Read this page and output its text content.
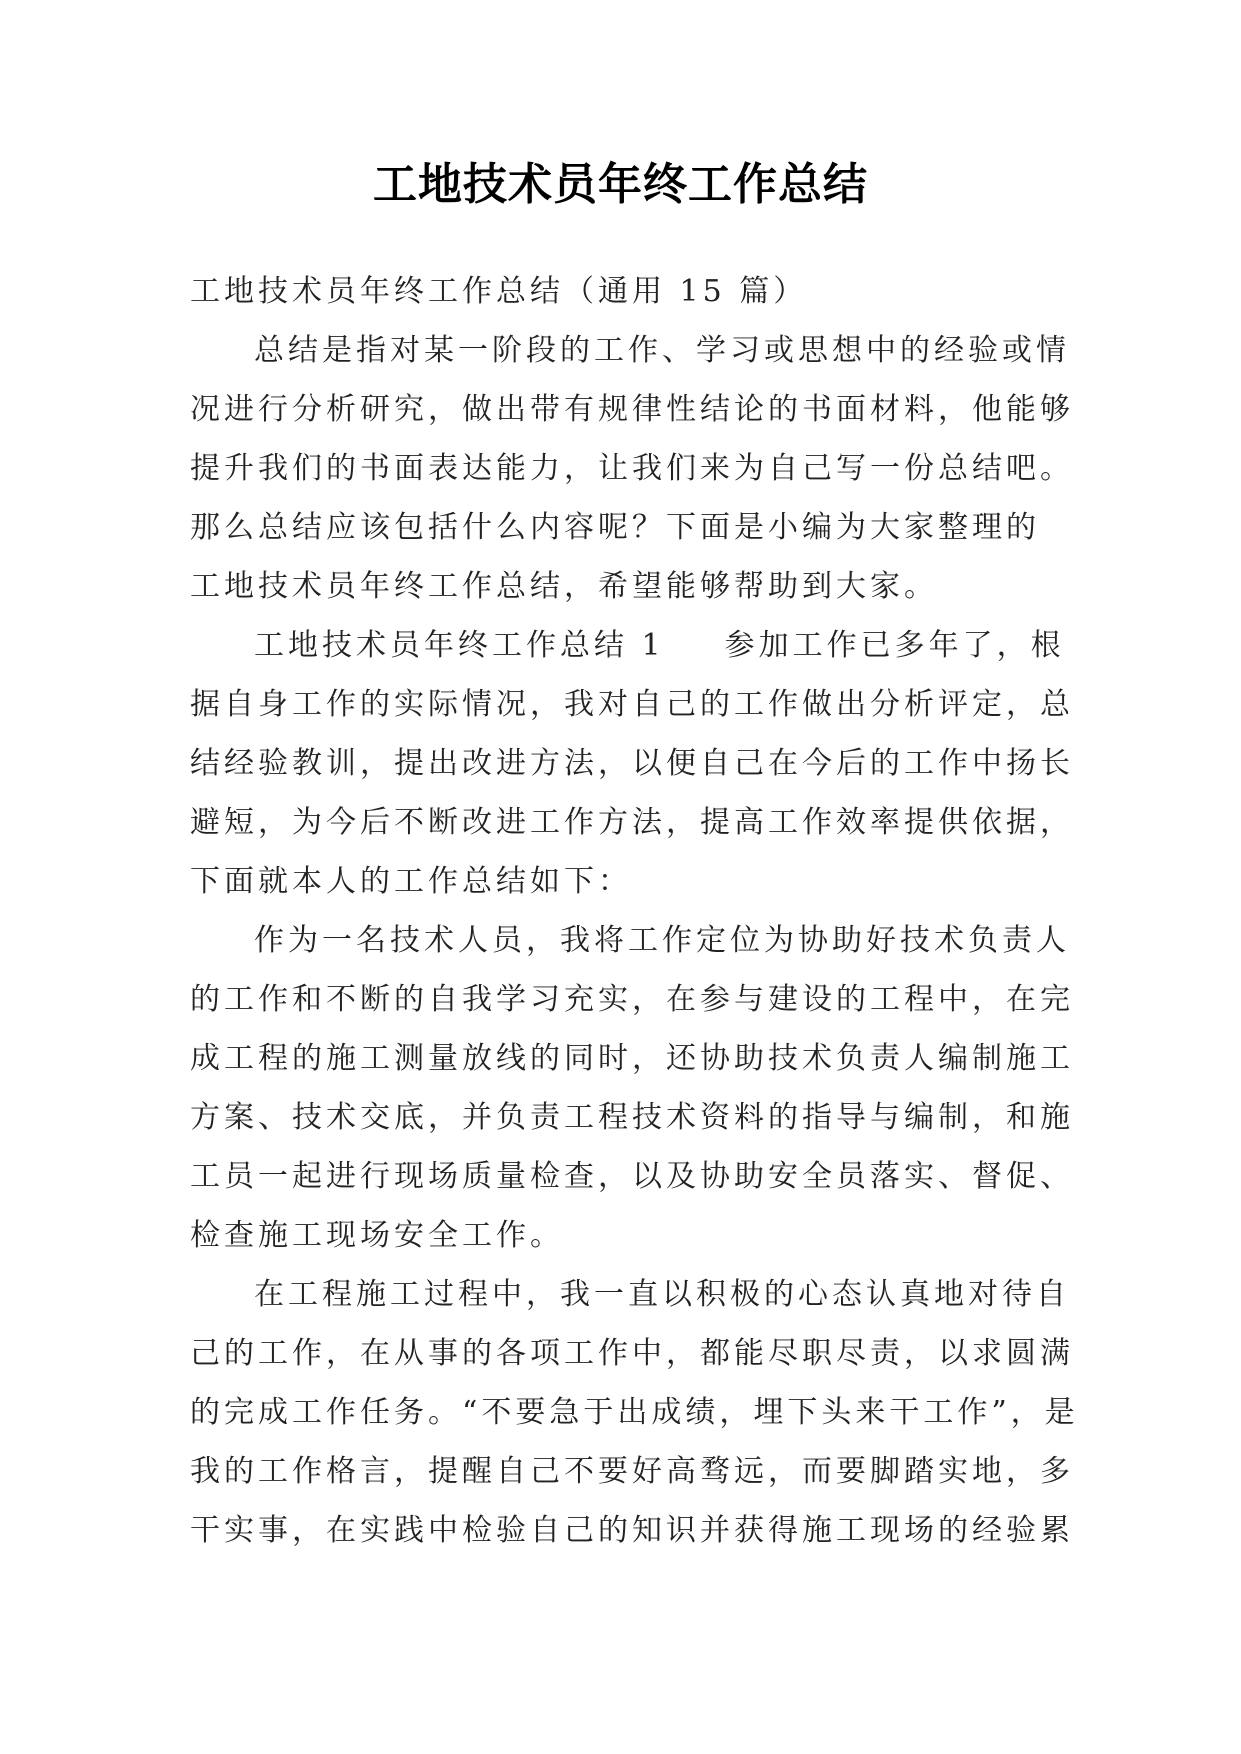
工地技术员年终工作总结
工地技术员年终工作总结（通用 15 篇）
总结是指对某一阶段的工作、学习或思想中的经验或情
况进行分析研究，做出带有规律性结论的书面材料，他能够
提升我们的书面表达能力，让我们来为自己写一份总结吧。
那么总结应该包括什么内容呢？下面是小编为大家整理的
工地技术员年终工作总结，希望能够帮助到大家。
工地技术员年终工作总结 1 参加工作已多年了，根
据自身工作的实际情况，我对自己的工作做出分析评定，总
结经验教训，提出改进方法，以便自己在今后的工作中扬长
避短，为今后不断改进工作方法，提高工作效率提供依据，
下面就本人的工作总结如下：
作为一名技术人员，我将工作定位为协助好技术负责人
的工作和不断的自我学习充实，在参与建设的工程中，在完
成工程的施工测量放线的同时，还协助技术负责人编制施工
方案、技术交底，并负责工程技术资料的指导与编制，和施
工员一起进行现场质量检查，以及协助安全员落实、督促、
检查施工现场安全工作。
在工程施工过程中，我一直以积极的心态认真地对待自
己的工作，在从事的各项工作中，都能尽职尽责，以求圆满
的完成工作任务。“不要急于出成绩，埋下头来干工作”，是
我的工作格言，提醒自己不要好高骛远，而要脚踏实地，多
干实事，在实践中检验自己的知识并获得施工现场的经验累
